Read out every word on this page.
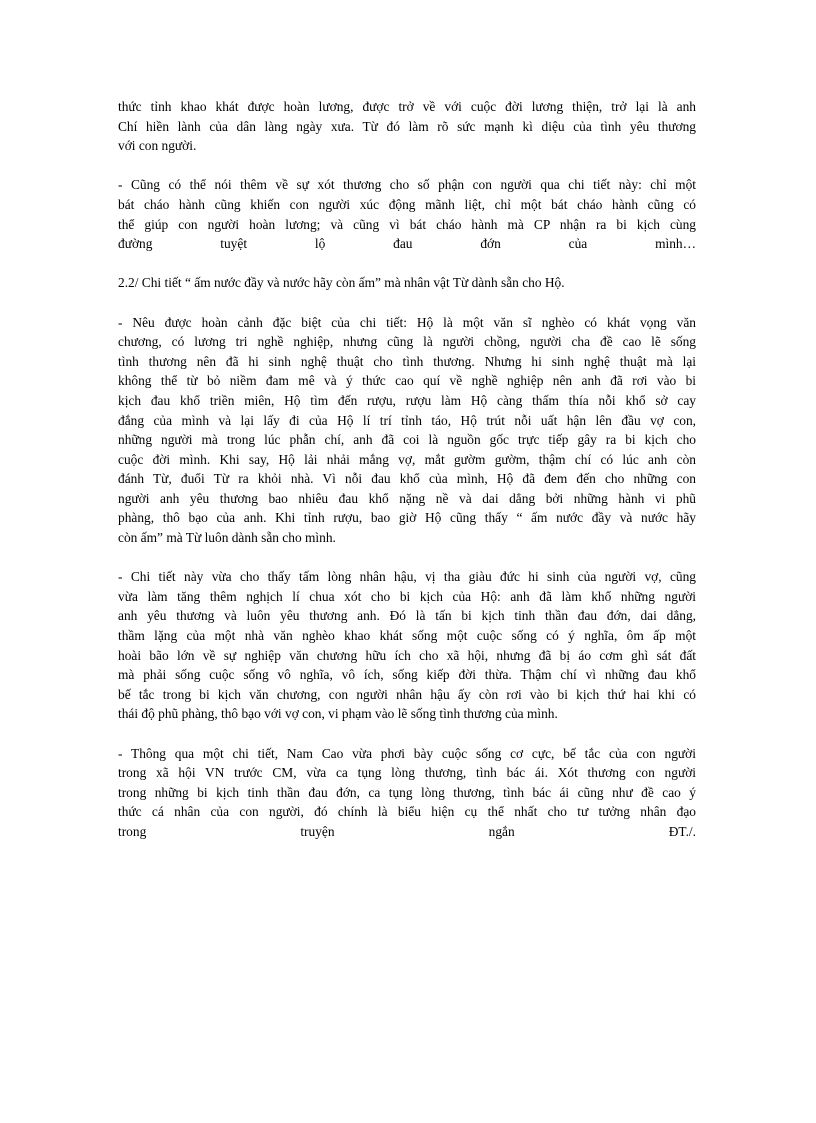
thức tỉnh khao khát được hoàn lương, được trở về với cuộc đời lương thiện, trở lại là anh
Chí hiền lành của dân làng ngày xưa. Từ đó làm rõ sức mạnh kì diệu của tình yêu thương
với con người.

- Cũng có thể nói thêm về sự xót thương cho số phận con người qua chi tiết này: chỉ một
bát cháo hành cũng khiến con người xúc động mãnh liệt, chỉ một bát cháo hành cũng có
thể giúp con người hoàn lương; và cũng vì bát cháo hành mà CP nhận ra bi kịch cùng
đường tuyệt lộ đau đớn của mình…

2.2/ Chi tiết “ ấm nước đầy và nước hãy còn ấm” mà nhân vật Từ dành sẵn cho Hộ.

- Nêu được hoàn cảnh đặc biệt của chi tiết: Hộ là một văn sĩ nghèo có khát vọng văn
chương, có lương tri nghề nghiệp, nhưng cũng là người chồng, người cha đề cao lẽ sống
tình thương nên đã hi sinh nghệ thuật cho tình thương. Nhưng hi sinh nghệ thuật mà lại
không thể từ bỏ niềm đam mê và ý thức cao quí về nghề nghiệp nên anh đã rơi vào bi
kịch đau khổ triền miên, Hộ tìm đến rượu, rượu làm Hộ càng thấm thía nỗi khổ sở cay
đắng của mình và lại lấy đi của Hộ lí trí tỉnh táo, Hộ trút nỗi uất hận lên đầu vợ con,
những người mà trong lúc phẫn chí, anh đã coi là nguồn gốc trực tiếp gây ra bi kịch cho
cuộc đời mình. Khi say, Hộ lải nhải mắng vợ, mắt gườm gườm, thậm chí có lúc anh còn
đánh Từ, đuổi Từ ra khỏi nhà. Vì nỗi đau khổ của mình, Hộ đã đem đến cho những con
người anh yêu thương bao nhiêu đau khổ nặng nề và dai dẳng bởi những hành vi phũ
phàng, thô bạo của anh. Khi tỉnh rượu, bao giờ Hộ cũng thấy “ ấm nước đầy và nước hãy
còn ấm” mà Từ luôn dành sẵn cho mình.

- Chi tiết này vừa cho thấy tấm lòng nhân hậu, vị tha giàu đức hi sinh của người vợ, cũng
vừa làm tăng thêm nghịch lí chua xót cho bi kịch của Hộ: anh đã làm khổ những người
anh yêu thương và luôn yêu thương anh. Đó là tấn bi kịch tinh thần đau đớn, dai dẳng,
thầm lặng của một nhà văn nghèo khao khát sống một cuộc sống có ý nghĩa, ôm ấp một
hoài bão lớn về sự nghiệp văn chương hữu ích cho xã hội, nhưng đã bị áo cơm ghì sát đất
mà phải sống cuộc sống vô nghĩa, vô ích, sống kiếp đời thừa. Thậm chí vì những đau khổ
bế tắc trong bi kịch văn chương, con người nhân hậu ấy còn rơi vào bi kịch thứ hai khi có
thái độ phũ phàng, thô bạo với vợ con, vi phạm vào lẽ sống tình thương của mình.

- Thông qua một chi tiết, Nam Cao vừa phơi bày cuộc sống cơ cực, bế tắc của con người
trong xã hội VN trước CM, vừa ca tụng lòng thương, tình bác ái. Xót thương con người
trong những bi kịch tinh thần đau đớn, ca tụng lòng thương, tình bác ái cũng như đề cao ý
thức cá nhân của con người, đó chính là biểu hiện cụ thể nhất cho tư tưởng nhân đạo
trong truyện ngắn ĐT./.
